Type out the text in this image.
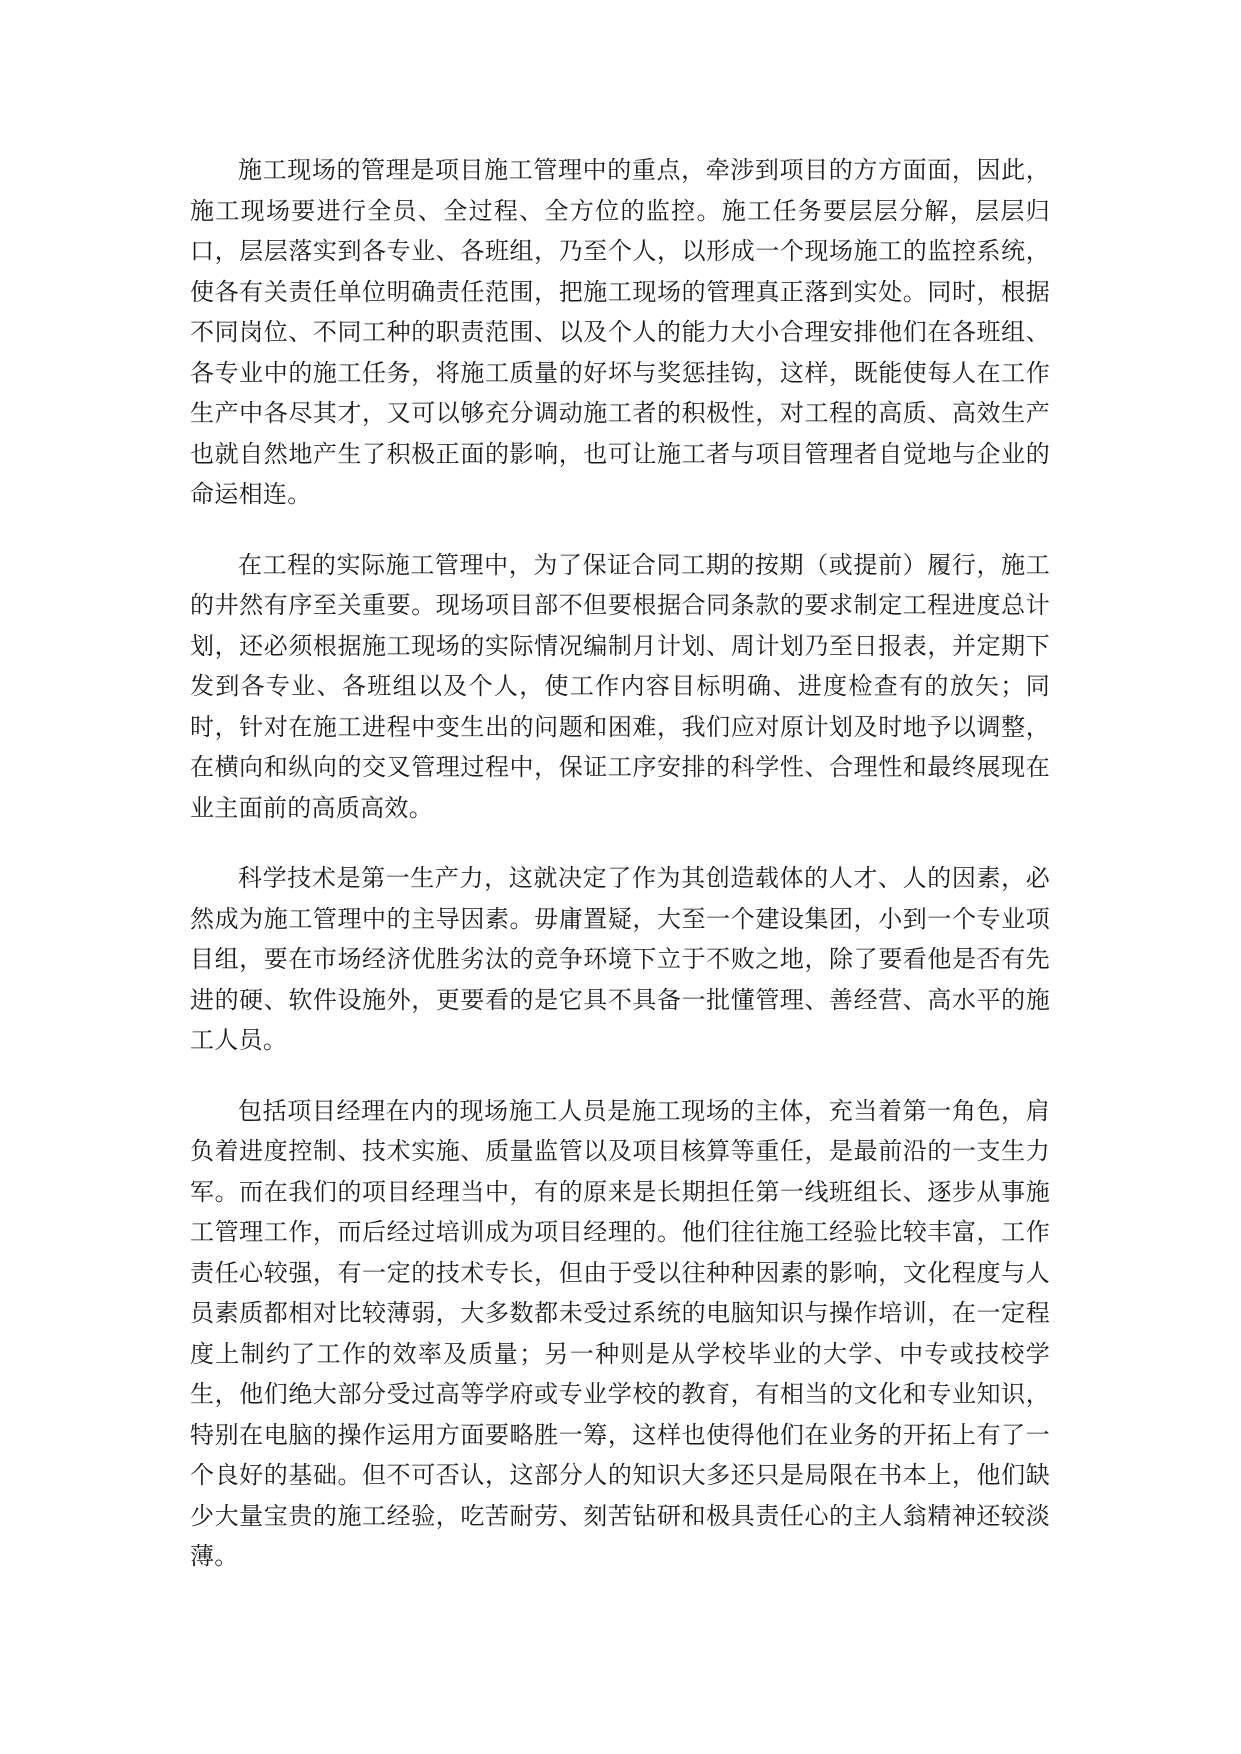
施工现场的管理是项目施工管理中的重点，牵涉到项目的方方面面，因此，施工现场要进行全员、全过程、全方位的监控。施工任务要层层分解，层层归口，层层落实到各专业、各班组，乃至个人，以形成一个现场施工的监控系统，使各有关责任单位明确责任范围，把施工现场的管理真正落到实处。同时，根据不同岗位、不同工种的职责范围、以及个人的能力大小合理安排他们在各班组、各专业中的施工任务，将施工质量的好坏与奖惩挂钩，这样，既能使每人在工作生产中各尽其才，又可以够充分调动施工者的积极性，对工程的高质、高效生产也就自然地产生了积极正面的影响，也可让施工者与项目管理者自觉地与企业的命运相连。

在工程的实际施工管理中，为了保证合同工期的按期（或提前）履行，施工的井然有序至关重要。现场项目部不但要根据合同条款的要求制定工程进度总计划，还必须根据施工现场的实际情况编制月计划、周计划乃至日报表，并定期下发到各专业、各班组以及个人，使工作内容目标明确、进度检查有的放矢；同时，针对在施工进程中变生出的问题和困难，我们应对原计划及时地予以调整，在横向和纵向的交叉管理过程中，保证工序安排的科学性、合理性和最终展现在业主面前的高质高效。

科学技术是第一生产力，这就决定了作为其创造载体的人才、人的因素，必然成为施工管理中的主导因素。毋庸置疑，大至一个建设集团，小到一个专业项目组，要在市场经济优胜劣汰的竞争环境下立于不败之地，除了要看他是否有先进的硬、软件设施外，更要看的是它具不具备一批懂管理、善经营、高水平的施工人员。

包括项目经理在内的现场施工人员是施工现场的主体，充当着第一角色，肩负着进度控制、技术实施、质量监管以及项目核算等重任，是最前沿的一支生力军。而在我们的项目经理当中，有的原来是长期担任第一线班组长、逐步从事施工管理工作，而后经过培训成为项目经理的。他们往往施工经验比较丰富，工作责任心较强，有一定的技术专长，但由于受以往种种因素的影响，文化程度与人员素质都相对比较薄弱，大多数都未受过系统的电脑知识与操作培训，在一定程度上制约了工作的效率及质量；另一种则是从学校毕业的大学、中专或技校学生，他们绝大部分受过高等学府或专业学校的教育，有相当的文化和专业知识，特别在电脑的操作运用方面要略胜一筹，这样也使得他们在业务的开拓上有了一个良好的基础。但不可否认，这部分人的知识大多还只是局限在书本上，他们缺少大量宝贵的施工经验，吃苦耐劳、刻苦钻研和极具责任心的主人翁精神还较淡薄。
